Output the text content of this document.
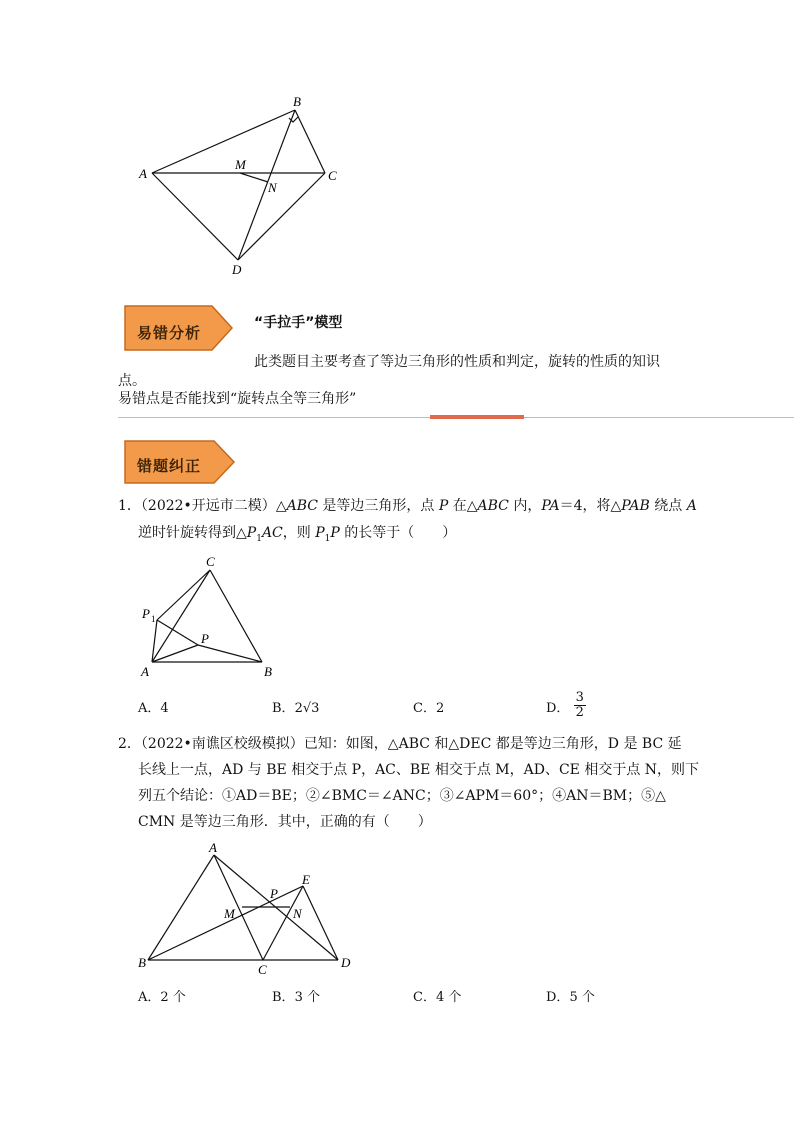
B
A	C
D
M
N
易错分析
“手拉手”模型
此类题目主要考查了等边三角形的性质和判定，旋转的性质的知识
点。
易错点是否能找到“旋转点全等三角形”
错题纠正
1．（2022•开远市二模）△ABC 是等边三角形，点 P 在△ABC 内，PA＝4，将△PAB 绕点 A
逆时针旋转得到$\triangle P_1AC$，则 $P_1P$ 的长等于（　　）
C
P 1
P
A	B
A．4	B．2√3	C．2	D． $\frac{3}{2}$
2．（2022•南谯区校级模拟）已知：如图，△ABC 和△DEC 都是等边三角形，D 是 BC 延
长线上一点，AD 与 BE 相交于点 P，AC、BE 相交于点 M，AD、CE 相交于点 N，则下
列五个结论：①AD＝BE；②∠BMC＝∠ANC；③∠APM＝60°；④AN＝BM；⑤△
CMN 是等边三角形．其中，正确的有（　　）
A
E
P
M	N
B	C	D
A．2 个	B．3 个	C．4 个	D．5 个
